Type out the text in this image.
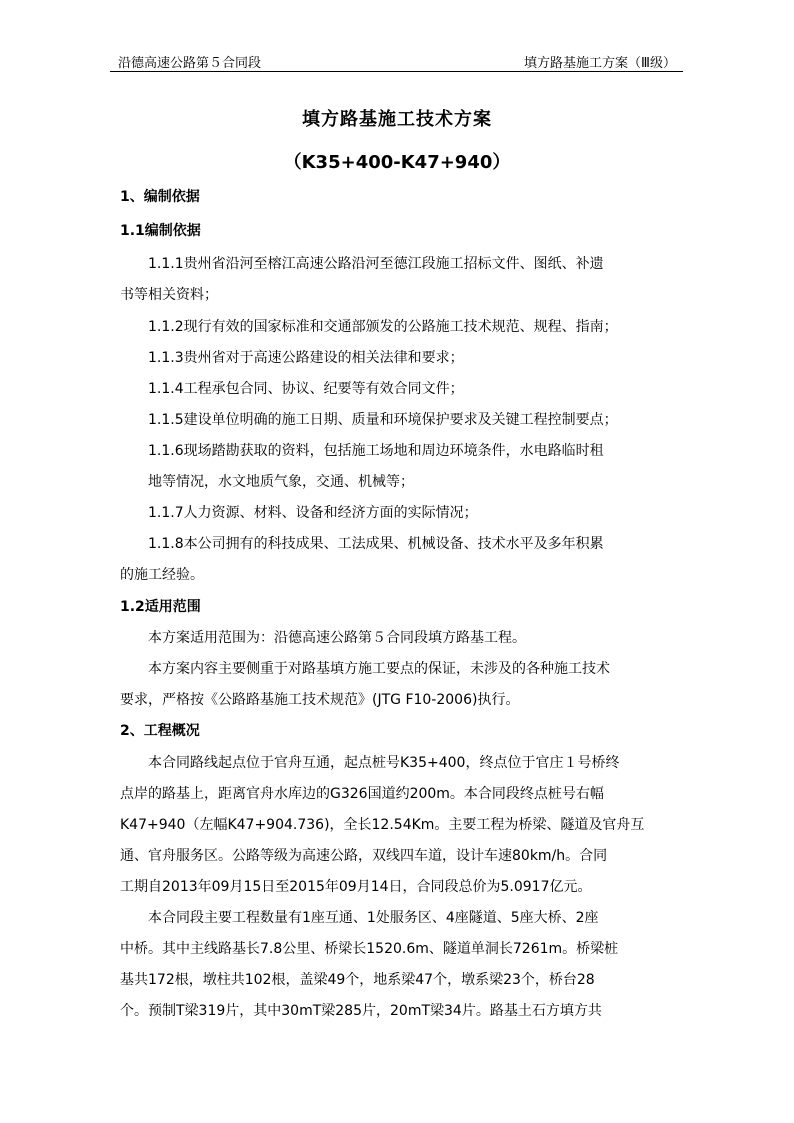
沿德高速公路第５合同段	填方路基施工方案（Ⅲ级）
填方路基施工技术方案
（K35+400-K47+940）
1、编制依据
1.1编制依据
1.1.1贵州省沿河至榕江高速公路沿河至德江段施工招标文件、图纸、补遗
书等相关资料；
1.1.2现行有效的国家标准和交通部颁发的公路施工技术规范、规程、指南；
1.1.3贵州省对于高速公路建设的相关法律和要求；
1.1.4工程承包合同、协议、纪要等有效合同文件；
1.1.5建设单位明确的施工日期、质量和环境保护要求及关键工程控制要点；
1.1.6现场踏勘获取的资料，包括施工场地和周边环境条件，水电路临时租
地等情况，水文地质气象，交通、机械等；
1.1.7人力资源、材料、设备和经济方面的实际情况；
1.1.8本公司拥有的科技成果、工法成果、机械设备、技术水平及多年积累
的施工经验。
1.2适用范围
本方案适用范围为：沿德高速公路第５合同段填方路基工程。
本方案内容主要侧重于对路基填方施工要点的保证，未涉及的各种施工技术
要求，严格按《公路路基施工技术规范》(JTG F10-2006)执行。
2、工程概况
本合同路线起点位于官舟互通，起点桩号K35+400，终点位于官庄１号桥终
点岸的路基上，距离官舟水库边的G326国道约200m。本合同段终点桩号右幅
K47+940（左幅K47+904.736)，全长12.54Km。主要工程为桥梁、隧道及官舟互
通、官舟服务区。公路等级为高速公路，双线四车道，设计车速80km/h。合同
工期自2013年09月15日至2015年09月14日，合同段总价为5.0917亿元。
本合同段主要工程数量有1座互通、1处服务区、4座隧道、5座大桥、2座
中桥。其中主线路基长7.8公里、桥梁长1520.6m、隧道单洞长7261m。桥梁桩
基共172根，墩柱共102根，盖梁49个，地系梁47个，墩系梁23个，桥台28
个。预制T梁319片，其中30mT梁285片，20mT梁34片。路基土石方填方共
